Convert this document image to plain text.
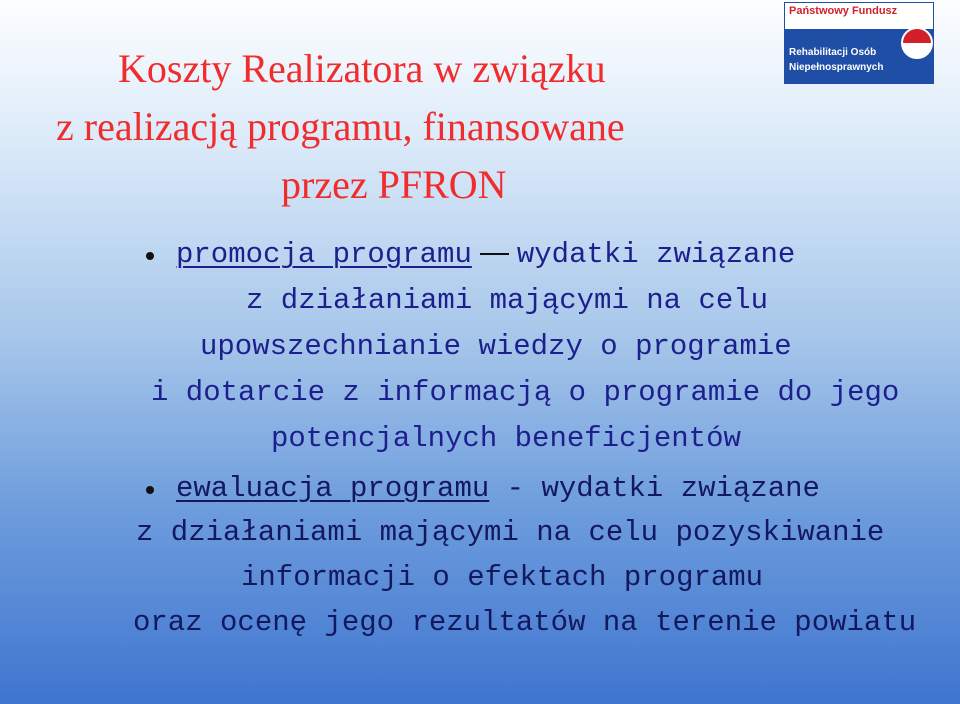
Koszty Realizatora w związku
z realizacją programu, finansowane
przez PFRON
Państwowy Fundusz
Rehabilitacji Osób
Niepełnosprawnych
promocja programu wydatki związane
z działaniami mającymi na celu
upowszechnianie wiedzy o programie
i dotarcie z informacją o programie do jego
potencjalnych beneficjentów
ewaluacja programu - wydatki związane
z działaniami mającymi na celu pozyskiwanie
informacji o efektach programu
oraz ocenę jego rezultatów na terenie powiatu
